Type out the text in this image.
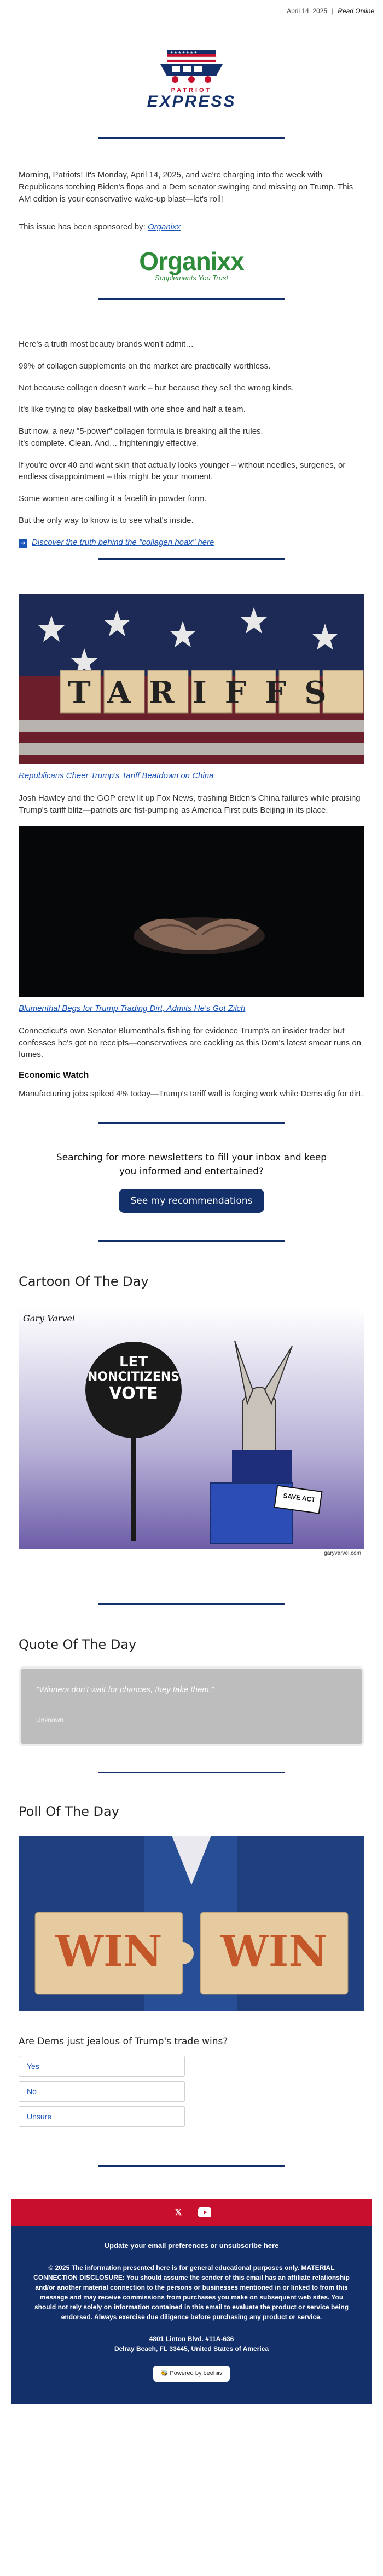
April 14, 2025 | Read Online
★ ★ ★ ★ ★ ★ ★
PATRIOT
EXPRESS

Morning, Patriots! It's Monday, April 14, 2025, and we're charging into the week with Republicans torching Biden's flops and a Dem senator swinging and missing on Trump. This AM edition is your conservative wake-up blast—let's roll!

This issue has been sponsored by: Organixx

Organixx
Supplements You Trust

Here's a truth most beauty brands won't admit…

99% of collagen supplements on the market are practically worthless.

Not because collagen doesn't work – but because they sell the wrong kinds.

It's like trying to play basketball with one shoe and half a team.

But now, a new "5-power" collagen formula is breaking all the rules.

It's complete. Clean. And… frighteningly effective.

If you're over 40 and want skin that actually looks younger – without needles, surgeries, or endless disappointment – this might be your moment.

Some women are calling it a facelift in powder form.

But the only way to know is to see what's inside.

➜ Discover the truth behind the "collagen hoax" here

TARIFFS

Republicans Cheer Trump's Tariff Beatdown on China

Josh Hawley and the GOP crew lit up Fox News, trashing Biden's China failures while praising Trump's tariff blitz—patriots are fist-pumping as America First puts Beijing in its place.

Blumenthal Begs for Trump Trading Dirt, Admits He's Got Zilch

Connecticut's own Senator Blumenthal's fishing for evidence Trump's an insider trader but confesses he's got no receipts—conservatives are cackling as this Dem's latest smear runs on fumes.

Economic Watch

Manufacturing jobs spiked 4% today—Trump's tariff wall is forging work while Dems dig for dirt.

Searching for more newsletters to fill your inbox and keep you informed and entertained?
See my recommendations
Cartoon Of The Day
LET
NONCITIZENS
VOTE
SAVE ACT
Gary Varvel
garyvarvel.com
Quote Of The Day
"Winners don't wait for chances, they take them."
Unknown
Poll Of The Day
WIN	WIN
Are Dems just jealous of Trump's trade wins?
Yes
No
Unsure
𝕏
Update your email preferences or unsubscribe here
© 2025 The information presented here is for general educational purposes only. MATERIAL CONNECTION DISCLOSURE: You should assume the sender of this email has an affiliate relationship and/or another material connection to the persons or businesses mentioned in or linked to from this message and may receive commissions from purchases you make on subsequent web sites. You should not rely solely on information contained in this email to evaluate the product or service being endorsed. Always exercise due diligence before purchasing any product or service.
4801 Linton Blvd. #11A-636
Delray Beach, FL 33445, United States of America
🐝 Powered by beehiiv
